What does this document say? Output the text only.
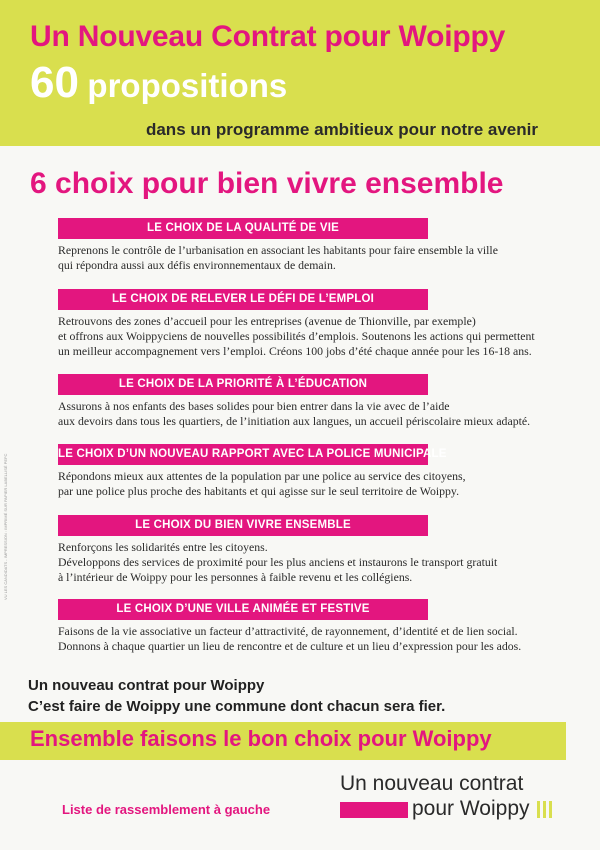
Un Nouveau Contrat pour Woippy
60 propositions
dans un programme ambitieux pour notre avenir
6 choix pour bien vivre ensemble
LE CHOIX DE LA QUALITÉ DE VIE
Reprenons le contrôle de l’urbanisation en associant les habitants pour faire ensemble la ville
qui répondra aussi aux défis environnementaux de demain.
LE CHOIX DE RELEVER LE DÉFI DE L’EMPLOI
Retrouvons des zones d’accueil pour les entreprises (avenue de Thionville, par exemple)
et offrons aux Woippyciens de nouvelles possibilités d’emplois. Soutenons les actions qui permettent
un meilleur accompagnement vers l’emploi. Créons 100 jobs d’été chaque année pour les 16-18 ans.
LE CHOIX DE LA PRIORITÉ À L’ÉDUCATION
Assurons à nos enfants des bases solides pour bien entrer dans la vie avec de l’aide
aux devoirs dans tous les quartiers, de l’initiation aux langues, un accueil périscolaire mieux adapté.
LE CHOIX D’UN NOUVEAU RAPPORT AVEC LA POLICE MUNICIPALE
Répondons mieux aux attentes de la population par une police au service des citoyens,
par une police plus proche des habitants et qui agisse sur le seul territoire de Woippy.
LE CHOIX DU BIEN VIVRE ENSEMBLE
Renforçons les solidarités entre les citoyens.
Développons des services de proximité pour les plus anciens et instaurons le transport gratuit
à l’intérieur de Woippy pour les personnes à faible revenu et les collégiens.
LE CHOIX D’UNE VILLE ANIMÉE ET FESTIVE
Faisons de la vie associative un facteur d’attractivité, de rayonnement, d’identité et de lien social.
Donnons à chaque quartier un lieu de rencontre et de culture et un lieu d’expression pour les ados.
Un nouveau contrat pour Woippy
C’est faire de Woippy une commune dont chacun sera fier.
Ensemble faisons le bon choix pour Woippy
Liste de rassemblement à gauche
Un nouveau contrat
pour Woippy
VU LES CANDIDATS - IMPRESSION : IMPRIMÉ SUR PAPIER LABELLISÉ PEFC
